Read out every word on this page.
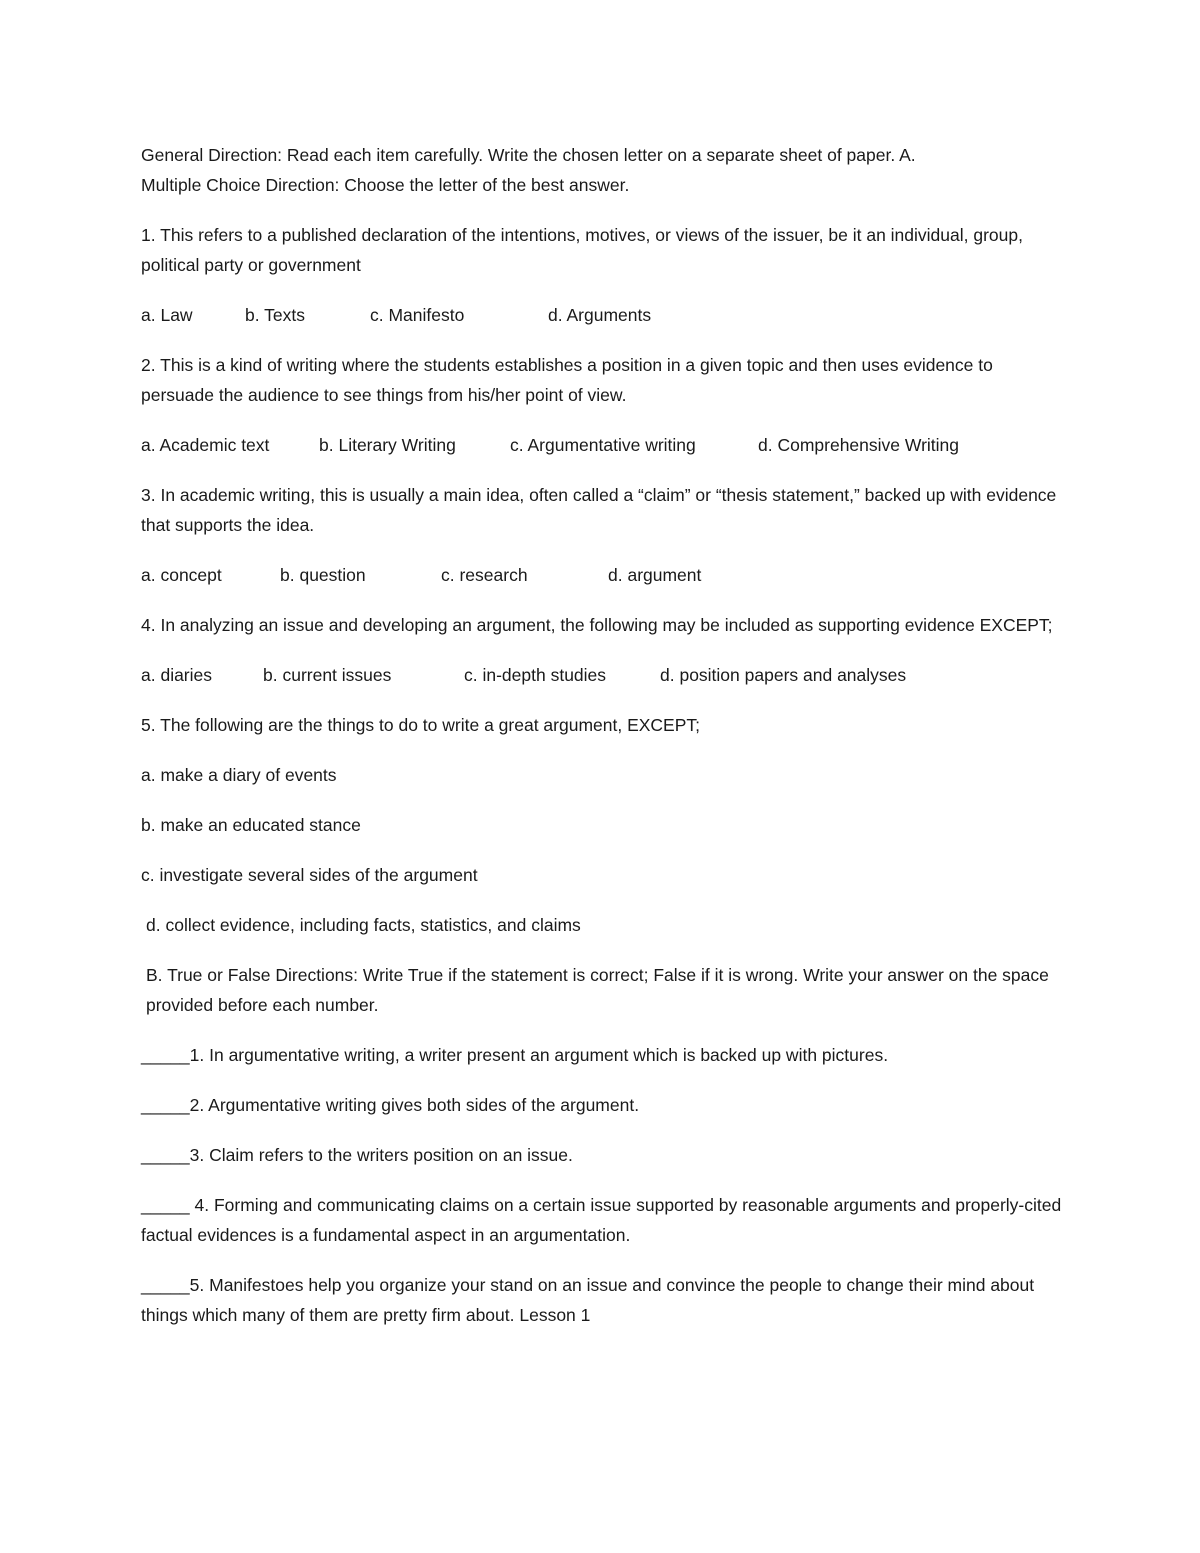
General Direction: Read each item carefully. Write the chosen letter on a separate sheet of paper. A.
Multiple Choice Direction: Choose the letter of the best answer.

1. This refers to a published declaration of the intentions, motives, or views of the issuer, be it an individual, group, political party or government

a. Law	b. Texts	c. Manifesto	d. Arguments

2. This is a kind of writing where the students establishes a position in a given topic and then uses evidence to persuade the audience to see things from his/her point of view.

a. Academic text	b. Literary Writing	c. Argumentative writing	d. Comprehensive Writing

3. In academic writing, this is usually a main idea, often called a “claim” or “thesis statement,” backed up with evidence that supports the idea.

a. concept	b. question	c. research	d. argument

4. In analyzing an issue and developing an argument, the following may be included as supporting evidence EXCEPT;

a. diaries	b. current issues	c. in-depth studies	d. position papers and analyses

5. The following are the things to do to write a great argument, EXCEPT;

a. make a diary of events

b. make an educated stance

c. investigate several sides of the argument

d. collect evidence, including facts, statistics, and claims

B. True or False Directions: Write True if the statement is correct; False if it is wrong. Write your answer on the space provided before each number.

_____1. In argumentative writing, a writer present an argument which is backed up with pictures.

_____2. Argumentative writing gives both sides of the argument.

_____3. Claim refers to the writers position on an issue.

_____ 4. Forming and communicating claims on a certain issue supported by reasonable arguments and properly-cited factual evidences is a fundamental aspect in an argumentation.

_____5. Manifestoes help you organize your stand on an issue and convince the people to change their mind about things which many of them are pretty firm about. Lesson 1
